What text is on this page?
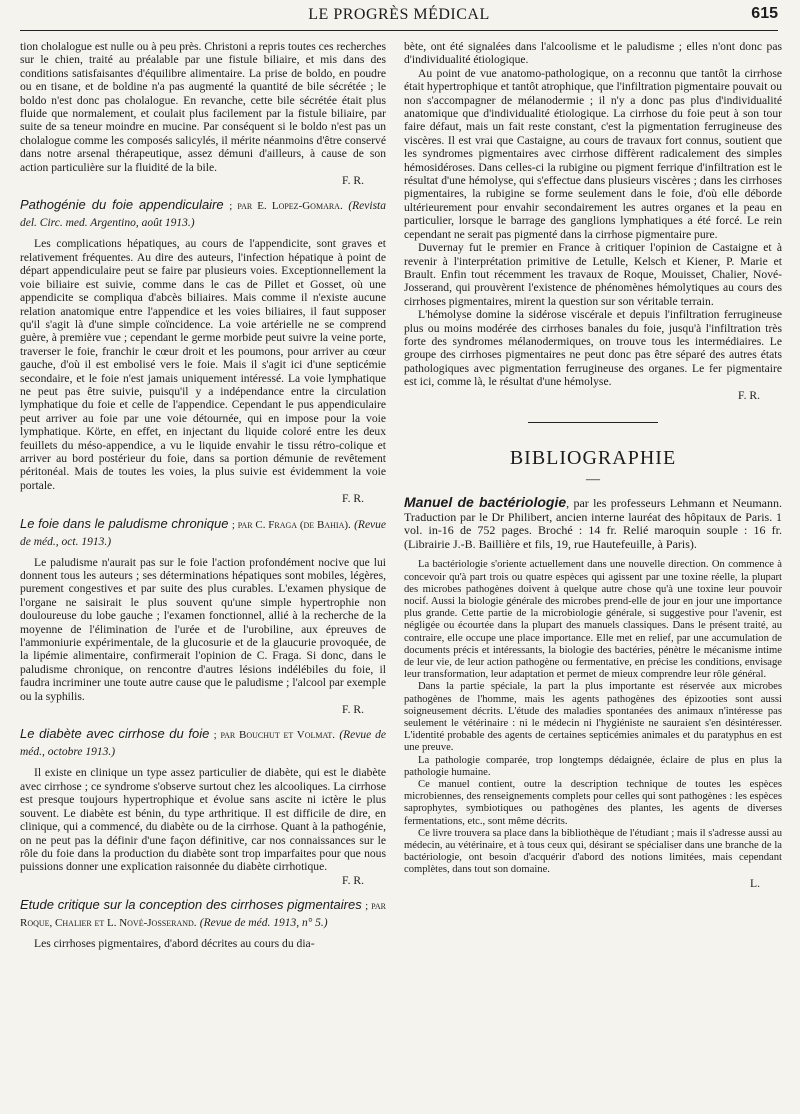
LE PROGRÈS MÉDICAL	615

tion cholalogue est nulle ou à peu près. Christoni a repris toutes ces recherches sur le chien, traité au préalable par une fistule biliaire, et mis dans des conditions satisfaisantes d'équilibre alimentaire. La prise de boldo, en poudre ou en tisane, et de boldine n'a pas augmenté la quantité de bile sécrétée ; le boldo n'est donc pas cholalogue. En revanche, cette bile sécrétée était plus fluide que normalement, et coulait plus facilement par la fistule biliaire, par suite de sa teneur moindre en mucine. Par conséquent si le boldo n'est pas un cholalogue comme les composés salicylés, il mérite néanmoins d'être conservé dans notre arsenal thérapeutique, assez démuni d'ailleurs, à cause de son action particulière sur la fluidité de la bile.

F. R.

Pathogénie du foie appendiculaire ; par E. Lopez-Gomara. (Revista del. Circ. med. Argentino, août 1913.)

Les complications hépatiques, au cours de l'appendicite, sont graves et relativement fréquentes. Au dire des auteurs, l'infection hépatique à point de départ appendiculaire peut se faire par plusieurs voies. Exceptionnellement la voie biliaire est suivie, comme dans le cas de Pillet et Gosset, où une appendicite se compliqua d'abcès biliaires. Mais comme il n'existe aucune relation anatomique entre l'appendice et les voies biliaires, il faut supposer qu'il s'agit là d'une simple coïncidence. La voie artérielle ne se comprend guère, à première vue ; cependant le germe morbide peut suivre la veine porte, traverser le foie, franchir le cœur droit et les poumons, pour arriver au cœur gauche, d'où il est embolisé vers le foie. Mais il s'agit ici d'une septicémie secondaire, et le foie n'est jamais uniquement intéressé. La voie lymphatique ne peut pas être suivie, puisqu'il y a indépendance entre la circulation lymphatique du foie et celle de l'appendice. Cependant le pus appendiculaire peut arriver au foie par une voie détournée, qui en impose pour la voie lymphatique. Körte, en effet, en injectant du liquide coloré entre les deux feuillets du méso-appendice, a vu le liquide envahir le tissu rétro-colique et arriver au bord postérieur du foie, dans sa portion démunie de revêtement péritonéal. Mais de toutes les voies, la plus suivie est évidemment la voie portale.

F. R.

Le foie dans le paludisme chronique ; par C. Fraga (de Bahia). (Revue de méd., oct. 1913.)

Le paludisme n'aurait pas sur le foie l'action profondément nocive que lui donnent tous les auteurs ; ses déterminations hépatiques sont mobiles, légères, purement congestives et par suite des plus curables. L'examen physique de l'organe ne saisirait le plus souvent qu'une simple hypertrophie non douloureuse du lobe gauche ; l'examen fonctionnel, allié à la recherche de la moyenne de l'élimination de l'urée et de l'urobiline, aux épreuves de l'ammoniurie expérimentale, de la glucosurie et de la glaucurie provoquée, de la lipémie alimentaire, confirmerait l'opinion de C. Fraga. Si donc, dans le paludisme chronique, on rencontre d'autres lésions indélébiles du foie, il faudra incriminer une toute autre cause que le paludisme ; l'alcool par exemple ou la syphilis.

F. R.

Le diabète avec cirrhose du foie ; par Bouchut et Volmat. (Revue de méd., octobre 1913.)

Il existe en clinique un type assez particulier de diabète, qui est le diabète avec cirrhose ; ce syndrome s'observe surtout chez les alcooliques. La cirrhose est presque toujours hypertrophique et évolue sans ascite ni ictère le plus souvent. Le diabète est bénin, du type arthritique. Il est difficile de dire, en clinique, qui a commencé, du diabète ou de la cirrhose. Quant à la pathogénie, on ne peut pas la définir d'une façon définitive, car nos connaissances sur le rôle du foie dans la production du diabète sont trop imparfaites pour que nous puissions donner une explication raisonnée du diabète cirrhotique.

F. R.

Etude critique sur la conception des cirrhoses pigmentaires ; par Roque, Chalier et L. Nové-Josserand. (Revue de méd. 1913, n° 5.)

Les cirrhoses pigmentaires, d'abord décrites au cours du dia-

bète, ont été signalées dans l'alcoolisme et le paludisme ; elles n'ont donc pas d'individualité étiologique.

Au point de vue anatomo-pathologique, on a reconnu que tantôt la cirrhose était hypertrophique et tantôt atrophique, que l'infiltration pigmentaire pouvait ou non s'accompagner de mélanodermie ; il n'y a donc pas plus d'individualité anatomique que d'individualité étiologique. La cirrhose du foie peut à son tour faire défaut, mais un fait reste constant, c'est la pigmentation ferrugineuse des viscères. Il est vrai que Castaigne, au cours de travaux fort connus, soutient que les syndromes pigmentaires avec cirrhose diffèrent radicalement des simples hémosidéroses. Dans celles-ci la rubigine ou pigment ferrique d'infiltration est le résultat d'une hémolyse, qui s'effectue dans plusieurs viscères ; dans les cirrhoses pigmentaires, la rubigine se forme seulement dans le foie, d'où elle déborde ultérieurement pour envahir secondairement les autres organes et la peau en particulier, lorsque le barrage des ganglions lymphatiques a été forcé. Le rein cependant ne serait pas pigmenté dans la cirrhose pigmentaire pure.

Duvernay fut le premier en France à critiquer l'opinion de Castaigne et à revenir à l'interprétation primitive de Letulle, Kelsch et Kiener, P. Marie et Brault. Enfin tout récemment les travaux de Roque, Mouisset, Chalier, Nové-Josserand, qui prouvèrent l'existence de phénomènes hémolytiques au cours des cirrhoses pigmentaires, mirent la question sur son véritable terrain.

L'hémolyse domine la sidérose viscérale et depuis l'infiltration ferrugineuse plus ou moins modérée des cirrhoses banales du foie, jusqu'à l'infiltration très forte des syndromes mélanodermiques, on trouve tous les intermédiaires. Le groupe des cirrhoses pigmentaires ne peut donc pas être séparé des autres états pathologiques avec pigmentation ferrugineuse des organes. Le fer pigmentaire est ici, comme là, le résultat d'une hémolyse.

F. R.
BIBLIOGRAPHIE
—

Manuel de bactériologie, par les professeurs Lehmann et Neumann. Traduction par le Dr Philibert, ancien interne lauréat des hôpitaux de Paris. 1 vol. in-16 de 752 pages. Broché : 14 fr. Relié maroquin souple : 16 fr. (Librairie J.-B. Baillière et fils, 19, rue Hautefeuille, à Paris).

La bactériologie s'oriente actuellement dans une nouvelle direction. On commence à concevoir qu'à part trois ou quatre espèces qui agissent par une toxine réelle, la plupart des microbes pathogènes doivent à quelque autre chose qu'à une toxine leur pouvoir nocif. Aussi la biologie générale des microbes prend-elle de jour en jour une importance plus grande. Cette partie de la microbiologie générale, si suggestive pour l'avenir, est négligée ou écourtée dans la plupart des manuels classiques. Dans le présent traité, au contraire, elle occupe une place importance. Elle met en relief, par une accumulation de documents précis et intéressants, la biologie des bactéries, pénètre le mécanisme intime de leur vie, de leur action pathogène ou fermentative, en précise les conditions, envisage leur transformation, leur adaptation et permet de mieux comprendre leur rôle général.

Dans la partie spéciale, la part la plus importante est réservée aux microbes pathogènes de l'homme, mais les agents pathogènes des épizooties sont aussi soigneusement décrits. L'étude des maladies spontanées des animaux n'intéresse pas seulement le vétérinaire : ni le médecin ni l'hygiéniste ne sauraient s'en désintéresser. L'identité probable des agents de certaines septicémies animales et du paratyphus en est une preuve.

La pathologie comparée, trop longtemps dédaignée, éclaire de plus en plus la pathologie humaine.

Ce manuel contient, outre la description technique de toutes les espèces microbiennes, des renseignements complets pour celles qui sont pathogènes : les espèces saprophytes, symbiotiques ou pathogènes des plantes, les agents de diverses fermentations, etc., sont même décrits.

Ce livre trouvera sa place dans la bibliothèque de l'étudiant ; mais il s'adresse aussi au médecin, au vétérinaire, et à tous ceux qui, désirant se spécialiser dans une branche de la bactériologie, ont besoin d'acquérir d'abord des notions limitées, mais cependant complètes, dans tout son domaine.

L.
